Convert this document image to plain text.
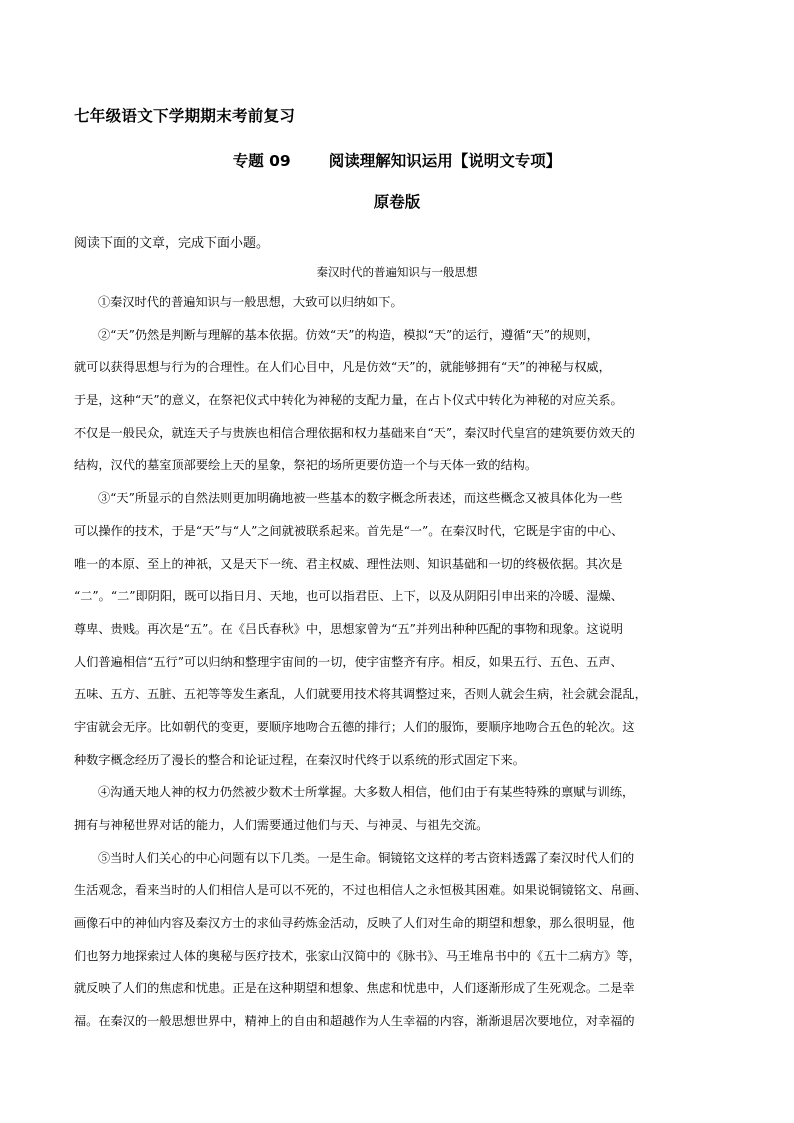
七年级语文下学期期末考前复习
专题 09 阅读理解知识运用【说明文专项】
原卷版
阅读下面的文章，完成下面小题。
秦汉时代的普遍知识与一般思想
①秦汉时代的普遍知识与一般思想，大致可以归纳如下。
②“天”仍然是判断与理解的基本依据。仿效“天”的构造，模拟“天”的运行，遵循“天”的规则，
就可以获得思想与行为的合理性。在人们心目中，凡是仿效“天”的，就能够拥有“天”的神秘与权威，
于是，这种“天”的意义，在祭祀仪式中转化为神秘的支配力量，在占卜仪式中转化为神秘的对应关系。
不仅是一般民众，就连天子与贵族也相信合理依据和权力基础来自“天”，秦汉时代皇宫的建筑要仿效天的
结构，汉代的墓室顶部要绘上天的星象，祭祀的场所更要仿造一个与天体一致的结构。
③“天”所显示的自然法则更加明确地被一些基本的数字概念所表述，而这些概念又被具体化为一些
可以操作的技术，于是“天”与“人”之间就被联系起来。首先是“一”。在秦汉时代，它既是宇宙的中心、
唯一的本原、至上的神祇，又是天下一统、君主权威、理性法则、知识基础和一切的终极依据。其次是
“二”。“二”即阴阳，既可以指日月、天地，也可以指君臣、上下，以及从阴阳引申出来的冷暖、湿燥、
尊卑、贵贱。再次是“五”。在《吕氏春秋》中，思想家曾为“五”并列出种种匹配的事物和现象。这说明
人们普遍相信“五行”可以归纳和整理宇宙间的一切，使宇宙整齐有序。相反，如果五行、五色、五声、
五味、五方、五脏、五祀等等发生紊乱，人们就要用技术将其调整过来，否则人就会生病，社会就会混乱，
宇宙就会无序。比如朝代的变更，要顺序地吻合五德的排行；人们的服饰，要顺序地吻合五色的轮次。这
种数字概念经历了漫长的整合和论证过程，在秦汉时代终于以系统的形式固定下来。
④沟通天地人神的权力仍然被少数术士所掌握。大多数人相信，他们由于有某些特殊的禀赋与训练，
拥有与神秘世界对话的能力，人们需要通过他们与天、与神灵、与祖先交流。
⑤当时人们关心的中心问题有以下几类。一是生命。铜镜铭文这样的考古资料透露了秦汉时代人们的
生活观念，看来当时的人们相信人是可以不死的，不过也相信人之永恒极其困难。如果说铜镜铭文、帛画、
画像石中的神仙内容及秦汉方士的求仙寻药炼金活动，反映了人们对生命的期望和想象，那么很明显，他
们也努力地探索过人体的奥秘与医疗技术，张家山汉简中的《脉书》、马王堆帛书中的《五十二病方》等，
就反映了人们的焦虑和忧患。正是在这种期望和想象、焦虑和忧患中，人们逐渐形成了生死观念。二是幸
福。在秦汉的一般思想世界中，精神上的自由和超越作为人生幸福的内容，渐渐退居次要地位，对幸福的
